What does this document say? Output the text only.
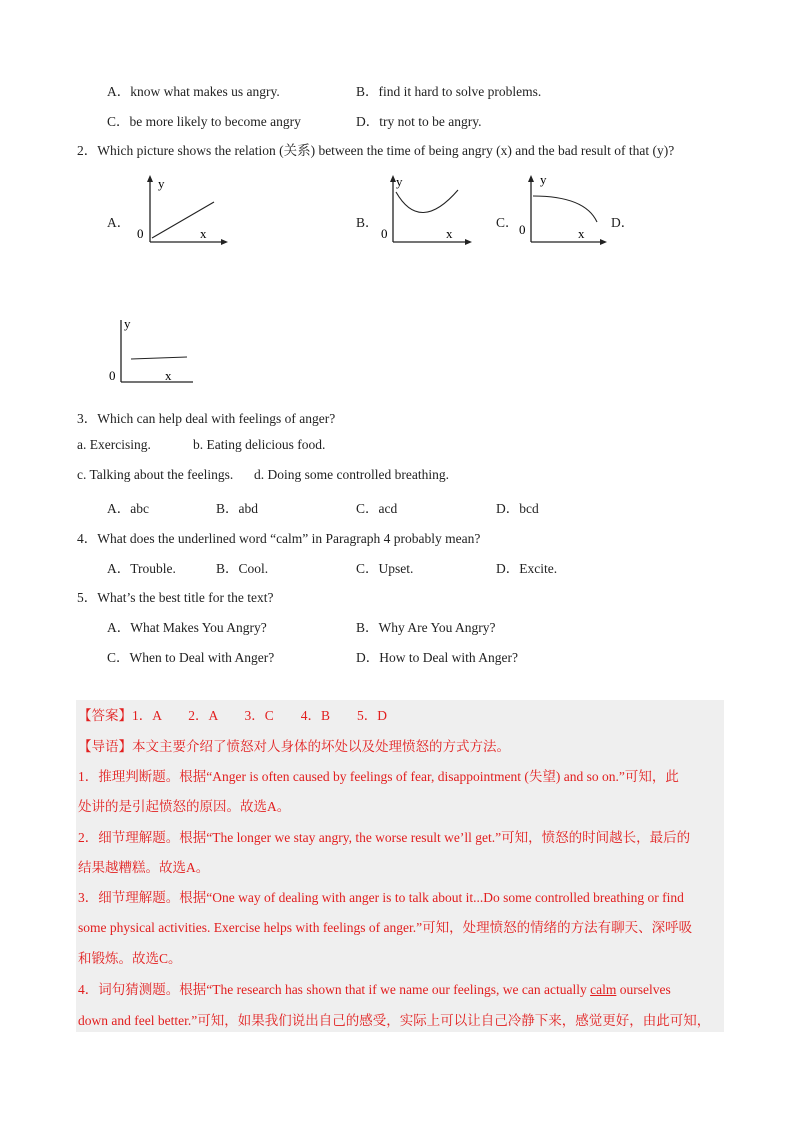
A．know what makes us angry.	B．find it hard to solve problems.
C．be more likely to become angry	D．try not to be angry.
2．Which picture shows the relation (关系) between the time of being angry (x) and the bad result of that (y)?
A．
y
x
0
B．
y
x
0
C．
y
x
0	D．
y
x
0
3．Which can help deal with feelings of anger?
a. Exercising.	b. Eating delicious food.
c. Talking about the feelings. d. Doing some controlled breathing.
A．abc	B．abd	C．acd	D．bcd
4．What does the underlined word “calm” in Paragraph 4 probably mean?
A．Trouble.	B．Cool.	C．Upset.	D．Excite.
5．What’s the best title for the text?
A．What Makes You Angry?	B．Why Are You Angry?
C．When to Deal with Anger?	D．How to Deal with Anger?
【答案】1．A　　2．A　　3．C　　4．B　　5．D
【导语】本文主要介绍了愤怒对人身体的坏处以及处理愤怒的方式方法。
1．推理判断题。根据“Anger is often caused by feelings of fear, disappointment (失望) and so on.”可知，此
处讲的是引起愤怒的原因。故选A。
2．细节理解题。根据“The longer we stay angry, the worse result we’ll get.”可知，愤怒的时间越长，最后的
结果越糟糕。故选A。
3．细节理解题。根据“One way of dealing with anger is to talk about it...Do some controlled breathing or find
some physical activities. Exercise helps with feelings of anger.”可知，处理愤怒的情绪的方法有聊天、深呼吸
和锻炼。故选C。
4．词句猜测题。根据“The research has shown that if we name our feelings, we can actually calm ourselves
down and feel better.”可知，如果我们说出自己的感受，实际上可以让自己冷静下来，感觉更好，由此可知，
